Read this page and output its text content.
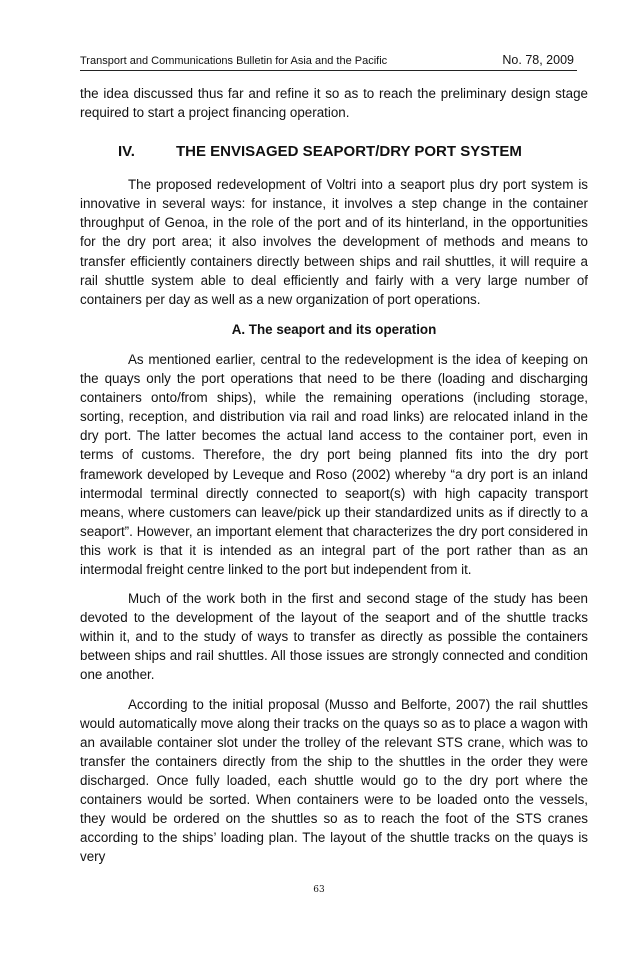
Transport and Communications Bulletin for Asia and the Pacific	No. 78, 2009

the idea discussed thus far and refine it so as to reach the preliminary design stage required to start a project financing operation.

IV.	THE ENVISAGED SEAPORT/DRY PORT SYSTEM

The proposed redevelopment of Voltri into a seaport plus dry port system is innovative in several ways: for instance, it involves a step change in the container throughput of Genoa, in the role of the port and of its hinterland, in the opportunities for the dry port area; it also involves the development of methods and means to transfer efficiently containers directly between ships and rail shuttles, it will require a rail shuttle system able to deal efficiently and fairly with a very large number of containers per day as well as a new organization of port operations.

A. The seaport and its operation

As mentioned earlier, central to the redevelopment is the idea of keeping on the quays only the port operations that need to be there (loading and discharging containers onto/from ships), while the remaining operations (including storage, sorting, reception, and distribution via rail and road links) are relocated inland in the dry port. The latter becomes the actual land access to the container port, even in terms of customs. Therefore, the dry port being planned fits into the dry port framework developed by Leveque and Roso (2002) whereby “a dry port is an inland intermodal terminal directly connected to seaport(s) with high capacity transport means, where customers can leave/pick up their standardized units as if directly to a seaport”. However, an important element that characterizes the dry port considered in this work is that it is intended as an integral part of the port rather than as an intermodal freight centre linked to the port but independent from it.

Much of the work both in the first and second stage of the study has been devoted to the development of the layout of the seaport and of the shuttle tracks within it, and to the study of ways to transfer as directly as possible the containers between ships and rail shuttles. All those issues are strongly connected and condition one another.

According to the initial proposal (Musso and Belforte, 2007) the rail shuttles would automatically move along their tracks on the quays so as to place a wagon with an available container slot under the trolley of the relevant STS crane, which was to transfer the containers directly from the ship to the shuttles in the order they were discharged. Once fully loaded, each shuttle would go to the dry port where the containers would be sorted. When containers were to be loaded onto the vessels, they would be ordered on the shuttles so as to reach the foot of the STS cranes according to the ships’ loading plan. The layout of the shuttle tracks on the quays is very

63
